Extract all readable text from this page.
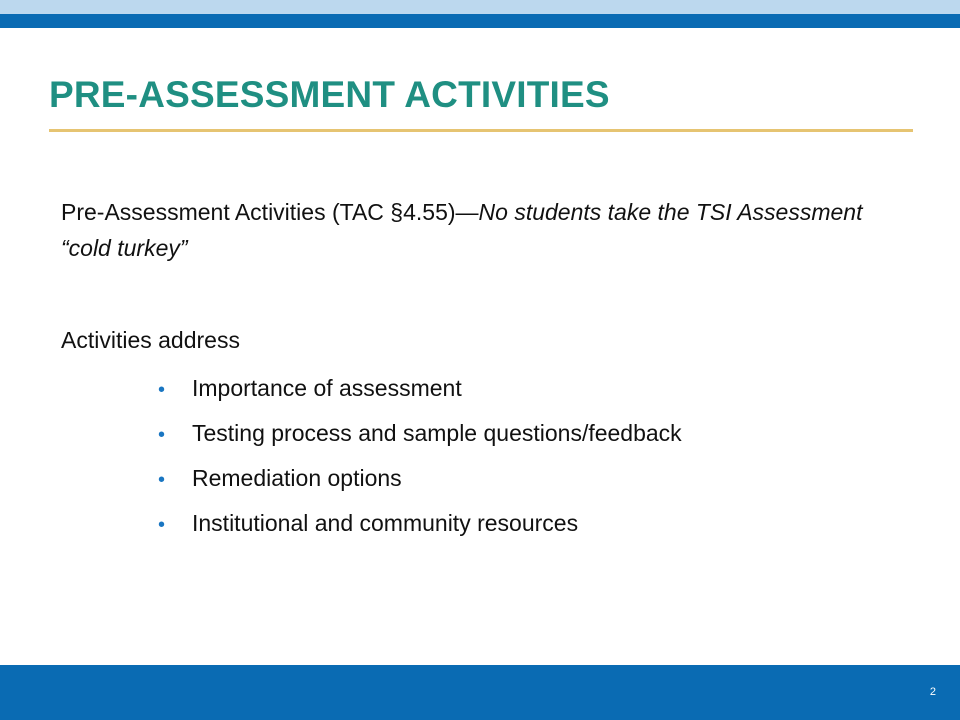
PRE-ASSESSMENT ACTIVITIES

Pre-Assessment Activities (TAC §4.55)—No students take the TSI Assessment “cold turkey”

Activities address

• Importance of assessment
• Testing process and sample questions/feedback
• Remediation options
• Institutional and community resources
2
